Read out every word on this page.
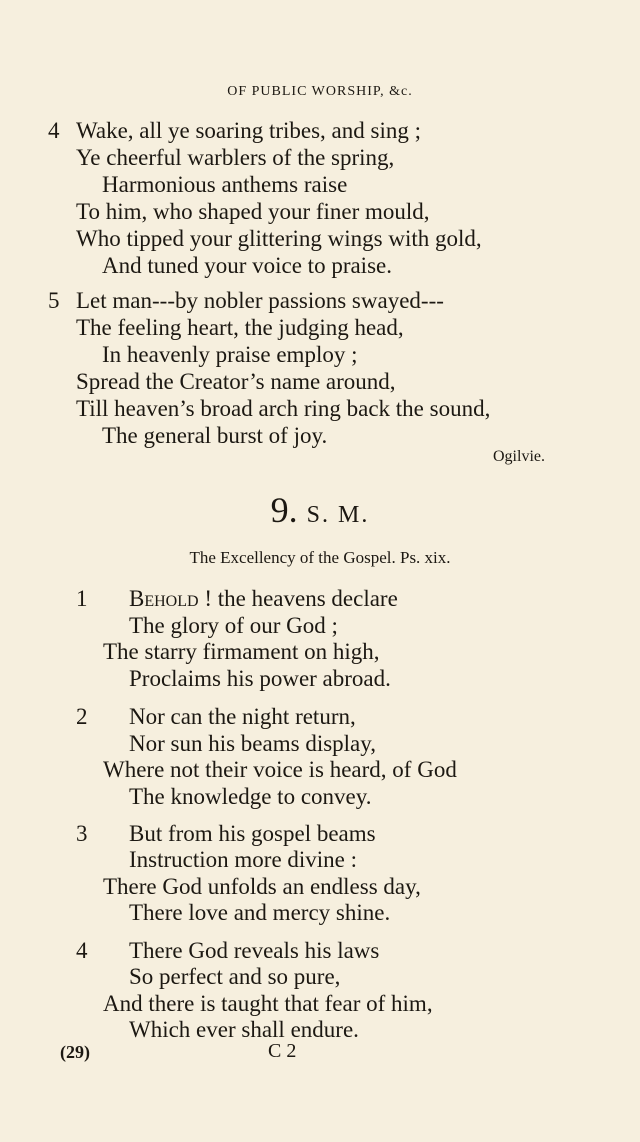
OF PUBLIC WORSHIP, &c.
4 Wake, all ye soaring tribes, and sing ;
Ye cheerful warblers of the spring,
Harmonious anthems raise
To him, who shaped your finer mould,
Who tipped your glittering wings with gold,
And tuned your voice to praise.
5 Let man---by nobler passions swayed---
The feeling heart, the judging head,
In heavenly praise employ ;
Spread the Creator’s name around,
Till heaven’s broad arch ring back the sound,
The general burst of joy.
Ogilvie.
9. S. M.
The Excellency of the Gospel. Ps. xix.
1 Behold ! the heavens declare
The glory of our God ;
The starry firmament on high,
Proclaims his power abroad.
2 Nor can the night return,
Nor sun his beams display,
Where not their voice is heard, of God
The knowledge to convey.
3 But from his gospel beams
Instruction more divine :
There God unfolds an endless day,
There love and mercy shine.
4 There God reveals his laws
So perfect and so pure,
And there is taught that fear of him,
Which ever shall endure.
(29)	C 2
